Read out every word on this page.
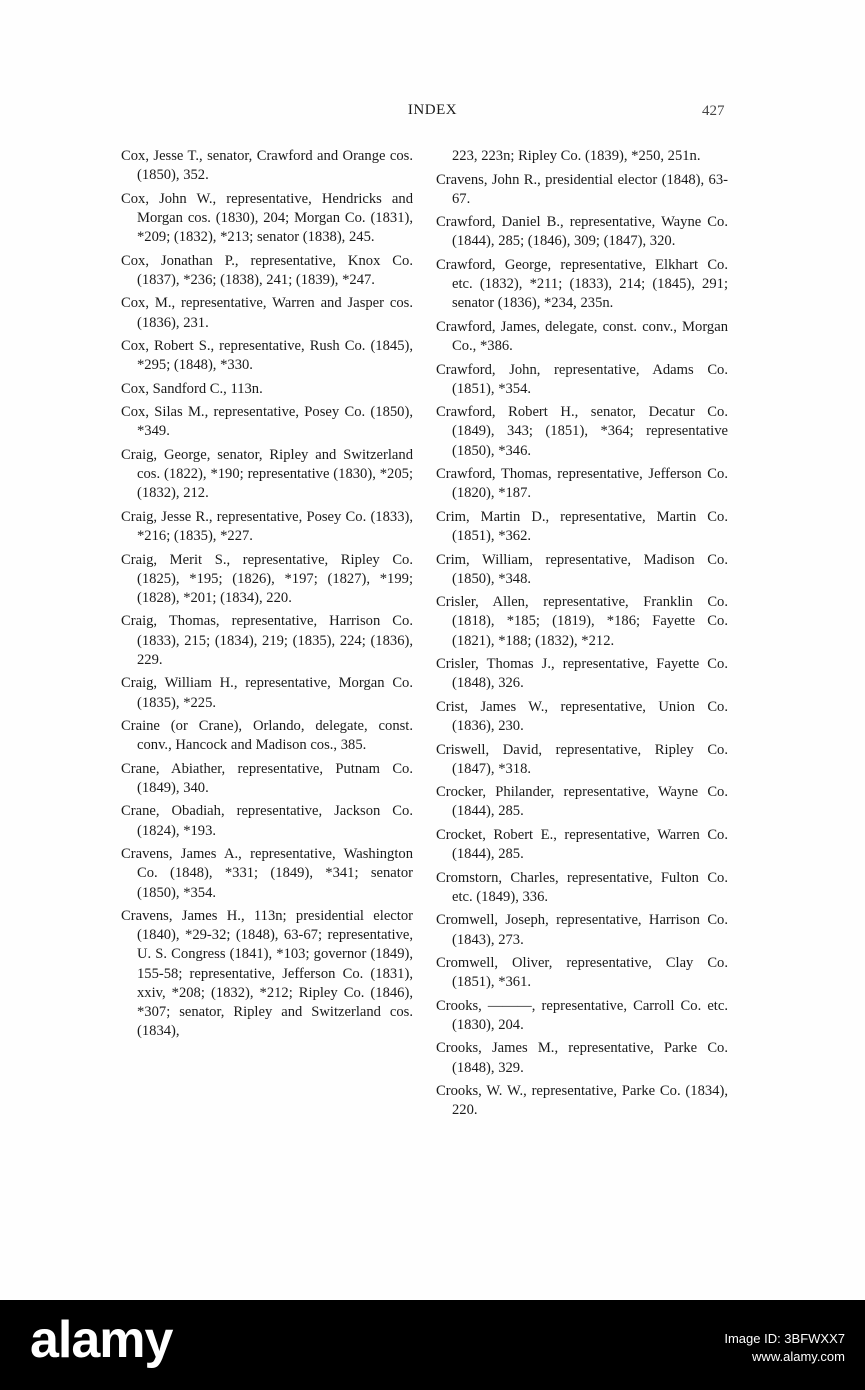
INDEX	427
Cox, Jesse T., senator, Crawford and Orange cos. (1850), 352.
Cox, John W., representative, Hendricks and Morgan cos. (1830), 204; Morgan Co. (1831), *209; (1832), *213; senator (1838), 245.
Cox, Jonathan P., representative, Knox Co. (1837), *236; (1838), 241; (1839), *247.
Cox, M., representative, Warren and Jasper cos. (1836), 231.
Cox, Robert S., representative, Rush Co. (1845), *295; (1848), *330.
Cox, Sandford C., 113n.
Cox, Silas M., representative, Posey Co. (1850), *349.
Craig, George, senator, Ripley and Switzerland cos. (1822), *190; representative (1830), *205; (1832), 212.
Craig, Jesse R., representative, Posey Co. (1833), *216; (1835), *227.
Craig, Merit S., representative, Ripley Co. (1825), *195; (1826), *197; (1827), *199; (1828), *201; (1834), 220.
Craig, Thomas, representative, Harrison Co. (1833), 215; (1834), 219; (1835), 224; (1836), 229.
Craig, William H., representative, Morgan Co. (1835), *225.
Craine (or Crane), Orlando, delegate, const. conv., Hancock and Madison cos., 385.
Crane, Abiather, representative, Putnam Co. (1849), 340.
Crane, Obadiah, representative, Jackson Co. (1824), *193.
Cravens, James A., representative, Washington Co. (1848), *331; (1849), *341; senator (1850), *354.
Cravens, James H., 113n; presidential elector (1840), *29-32; (1848), 63-67; representative, U. S. Congress (1841), *103; governor (1849), 155-58; representative, Jefferson Co. (1831), xxiv, *208; (1832), *212; Ripley Co. (1846), *307; senator, Ripley and Switzerland cos. (1834),
223, 223n; Ripley Co. (1839), *250, 251n.
Cravens, John R., presidential elector (1848), 63-67.
Crawford, Daniel B., representative, Wayne Co. (1844), 285; (1846), 309; (1847), 320.
Crawford, George, representative, Elkhart Co. etc. (1832), *211; (1833), 214; (1845), 291; senator (1836), *234, 235n.
Crawford, James, delegate, const. conv., Morgan Co., *386.
Crawford, John, representative, Adams Co. (1851), *354.
Crawford, Robert H., senator, Decatur Co. (1849), 343; (1851), *364; representative (1850), *346.
Crawford, Thomas, representative, Jefferson Co. (1820), *187.
Crim, Martin D., representative, Martin Co. (1851), *362.
Crim, William, representative, Madison Co. (1850), *348.
Crisler, Allen, representative, Franklin Co. (1818), *185; (1819), *186; Fayette Co. (1821), *188; (1832), *212.
Crisler, Thomas J., representative, Fayette Co. (1848), 326.
Crist, James W., representative, Union Co. (1836), 230.
Criswell, David, representative, Ripley Co. (1847), *318.
Crocker, Philander, representative, Wayne Co. (1844), 285.
Crocket, Robert E., representative, Warren Co. (1844), 285.
Cromstorn, Charles, representative, Fulton Co. etc. (1849), 336.
Cromwell, Joseph, representative, Harrison Co. (1843), 273.
Cromwell, Oliver, representative, Clay Co. (1851), *361.
Crooks, ———, representative, Carroll Co. etc. (1830), 204.
Crooks, James M., representative, Parke Co. (1848), 329.
Crooks, W. W., representative, Parke Co. (1834), 220.
alamy	Image ID: 3BFWXX7
www.alamy.com
